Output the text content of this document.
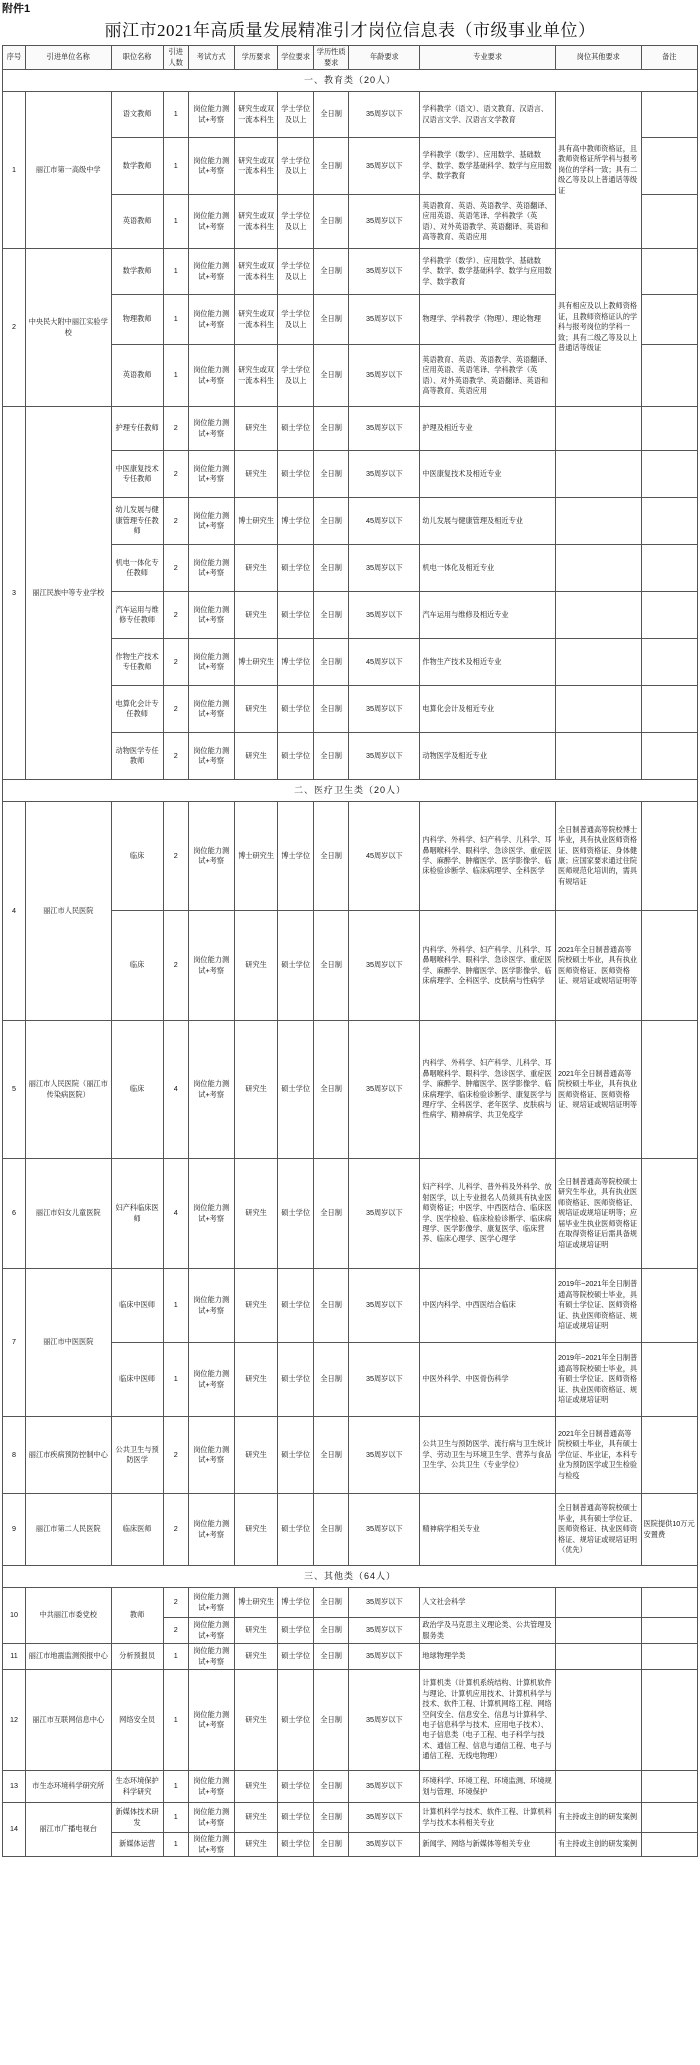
附件1
丽江市2021年高质量发展精准引才岗位信息表（市级事业单位）
序号	引进单位名称	职位名称	引进人数	考试方式	学历要求	学位要求	学历性质要求	年龄要求	专业要求	岗位其他要求	备注
一、教育类（20人）											
1	丽江市第一高级中学	语文教师	1	岗位能力测试+考察	研究生或双一流本科生	学士学位及以上	全日制	35周岁以下	学科教学（语文）、语文教育、汉语言、汉语言文学、汉语言文学教育	具有高中教师资格证，且教师资格证所学科与报考岗位的学科一致；具有二级乙等及以上普通话等级证	
		数学教师	1	岗位能力测试+考察	研究生或双一流本科生	学士学位及以上	全日制	35周岁以下	学科教学（数学）、应用数学、基础数学、数学、数学基础科学、数学与应用数学、数学教育		
		英语教师	1	岗位能力测试+考察	研究生或双一流本科生	学士学位及以上	全日制	35周岁以下	英语教育、英语、英语教学、英语翻译、应用英语、英语笔译、学科教学（英语）、对外英语教学、英语翻译、英语和高等教育、英语应用		
2	中央民大附中丽江实验学校	数学教师	1	岗位能力测试+考察	研究生或双一流本科生	学士学位及以上	全日制	35周岁以下	学科教学（数学）、应用数学、基础数学、数学、数学基础科学、数学与应用数学、数学教育	具有相应及以上教师资格证，且教师资格证认的学科与报考岗位的学科一致；具有二级乙等及以上普通话等级证	
		物理教师	1	岗位能力测试+考察	研究生或双一流本科生	学士学位及以上	全日制	35周岁以下	物理学、学科教学（物理）、理论物理		
		英语教师	1	岗位能力测试+考察	研究生或双一流本科生	学士学位及以上	全日制	35周岁以下	英语教育、英语、英语教学、英语翻译、应用英语、英语笔译、学科教学（英语）、对外英语教学、英语翻译、英语和高等教育、英语应用		
3	丽江民族中等专业学校	护理专任教师	2	岗位能力测试+考察	研究生	硕士学位	全日制	35周岁以下	护理及相近专业		
		中医康复技术专任教师	2	岗位能力测试+考察	研究生	硕士学位	全日制	35周岁以下	中医康复技术及相近专业		
		幼儿发展与健康管理专任教师	2	岗位能力测试+考察	博士研究生	博士学位	全日制	45周岁以下	幼儿发展与健康管理及相近专业		
		机电一体化专任教师	2	岗位能力测试+考察	研究生	硕士学位	全日制	35周岁以下	机电一体化及相近专业		
		汽车运用与维修专任教师	2	岗位能力测试+考察	研究生	硕士学位	全日制	35周岁以下	汽车运用与维修及相近专业		
		作物生产技术专任教师	2	岗位能力测试+考察	博士研究生	博士学位	全日制	45周岁以下	作物生产技术及相近专业		
		电算化会计专任教师	2	岗位能力测试+考察	研究生	硕士学位	全日制	35周岁以下	电算化会计及相近专业		
		动物医学专任教师	2	岗位能力测试+考察	研究生	硕士学位	全日制	35周岁以下	动物医学及相近专业		
二、医疗卫生类（20人）											
4	丽江市人民医院	临床	2	岗位能力测试+考察	博士研究生	博士学位	全日制	45周岁以下	内科学、外科学、妇产科学、儿科学、耳鼻咽喉科学、眼科学、急诊医学、重症医学、麻醉学、肿瘤医学、医学影像学、临床检验诊断学、临床病理学、全科医学	全日制普通高等院校博士毕业，具有执业医师资格证、医师资格证、身体健康；应国家要求通过住院医师规范化培训的，需具有规培证	
		临床	2	岗位能力测试+考察	研究生	硕士学位	全日制	35周岁以下	内科学、外科学、妇产科学、儿科学、耳鼻咽喉科学、眼科学、急诊医学、重症医学、麻醉学、肿瘤医学、医学影像学、临床病理学、全科医学、皮肤病与性病学	2021年全日制普通高等院校硕士毕业，具有执业医师资格证、医师资格证、规培证或规培证明等	
5	丽江市人民医院（丽江市传染病医院）	临床	4	岗位能力测试+考察	研究生	硕士学位	全日制	35周岁以下	内科学、外科学、妇产科学、儿科学、耳鼻咽喉科学、眼科学、急诊医学、重症医学、麻醉学、肿瘤医学、医学影像学、临床病理学、临床检验诊断学、康复医学与理疗学、全科医学、老年医学、皮肤病与性病学、精神病学、共卫免疫学	2021年全日制普通高等院校硕士毕业，具有执业医师资格证、医师资格证、规培证或规培证明等	
6	丽江市妇女儿童医院	妇产科临床医师	4	岗位能力测试+考察	研究生	硕士学位	全日制	35周岁以下	妇产科学、儿科学、普外科及外科学、放射医学，以上专业报名人员须具有执业医师资格证；中医学、中西医结合、临床医学、医学检验、临床检验诊断学、临床病理学、医学影像学、康复医学、临床营养、临床心理学、医学心理学	全日制普通高等院校硕士研究生毕业，具有执业医师资格证、医师资格证、规培证或规培证明等；应届毕业生执业医师资格证在取得资格证后需具备规培证或规培证明	
7	丽江市中医医院	临床中医师	1	岗位能力测试+考察	研究生	硕士学位	全日制	35周岁以下	中医内科学、中西医结合临床	2019年~2021年全日制普通高等院校硕士毕业，具有硕士学位证、医师资格证、执业医师资格证、规培证或规培证明	
		临床中医师	1	岗位能力测试+考察	研究生	硕士学位	全日制	35周岁以下	中医外科学、中医骨伤科学	2019年~2021年全日制普通高等院校硕士毕业，具有硕士学位证、医师资格证、执业医师资格证、规培证或规培证明	
8	丽江市疾病预防控制中心	公共卫生与预防医学	2	岗位能力测试+考察	研究生	硕士学位	全日制	35周岁以下	公共卫生与预防医学、流行病与卫生统计学、劳动卫生与环境卫生学、营养与食品卫生学、公共卫生（专业学位）	2021年全日制普通高等院校硕士毕业，具有硕士学位证、毕业证，本科专业为预防医学或卫生检验与检疫	
9	丽江市第二人民医院	临床医师	2	岗位能力测试+考察	研究生	硕士学位	全日制	35周岁以下	精神病学相关专业	全日制普通高等院校硕士毕业，具有硕士学位证、医师资格证、执业医师资格证、规培证或规培证明（优先）	医院提供10万元安置费
三、其他类（64人）											
10	中共丽江市委党校	教师	2	岗位能力测试+考察	博士研究生	博士学位	全日制	35周岁以下	人文社会科学		
			2	岗位能力测试+考察	研究生	硕士学位	全日制	35周岁以下	政治学及马克思主义理论类、公共管理及服务类		
11	丽江市地震监测预报中心	分析预报员	1	岗位能力测试+考察	研究生	硕士学位	全日制	35周岁以下	地球物理学类		
12	丽江市互联网信息中心	网络安全员	1	岗位能力测试+考察	研究生	硕士学位	全日制	35周岁以下	计算机类（计算机系统结构、计算机软件与理论、计算机应用技术、计算机科学与技术、软件工程、计算机网络工程、网络空间安全、信息安全、信息与计算科学、电子信息科学与技术、应用电子技术）、电子信息类（电子工程、电子科学与技术、通信工程、信息与通信工程、电子与通信工程、无线电物理）		
13	市生态环境科学研究所	生态环境保护科学研究	1	岗位能力测试+考察	研究生	硕士学位	全日制	35周岁以下	环境科学、环境工程、环境监测、环境规划与管理、环境保护		
14	丽江市广播电视台	新媒体技术研发	1	岗位能力测试+考察	研究生	硕士学位	全日制	35周岁以下	计算机科学与技术、软件工程、计算机科学与技术本科相关专业	有主持或主创的研发案例	
		新媒体运营	1	岗位能力测试+考察	研究生	硕士学位	全日制	35周岁以下	新闻学、网络与新媒体等相关专业	有主持或主创的研发案例	
